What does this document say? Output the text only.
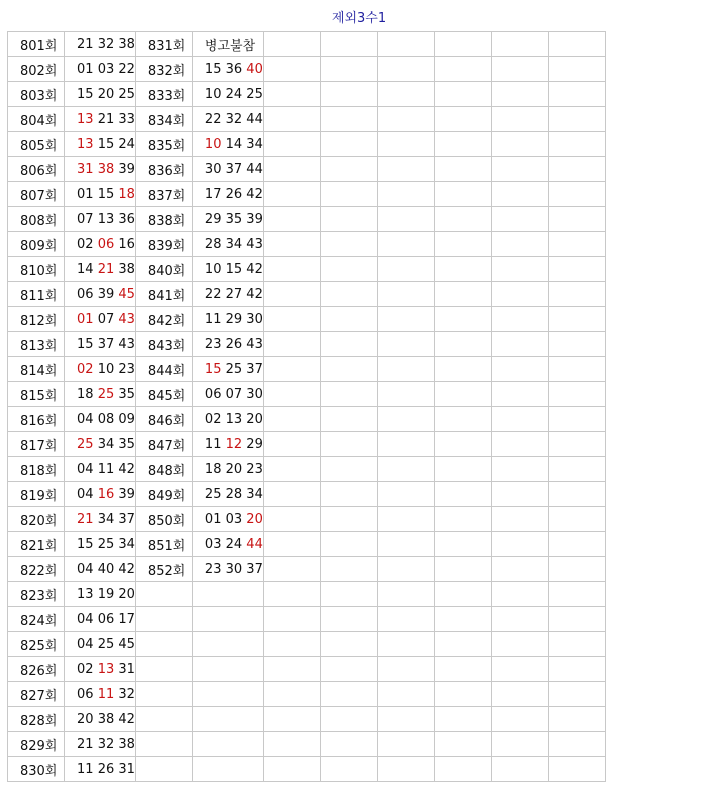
제외3수1
801회	21 32 38	831회	병고불참						
802회	01 03 22	832회	15 36 40						
803회	15 20 25	833회	10 24 25						
804회	13 21 33	834회	22 32 44						
805회	13 15 24	835회	10 14 34						
806회	31 38 39	836회	30 37 44						
807회	01 15 18	837회	17 26 42						
808회	07 13 36	838회	29 35 39						
809회	02 06 16	839회	28 34 43						
810회	14 21 38	840회	10 15 42						
811회	06 39 45	841회	22 27 42						
812회	01 07 43	842회	11 29 30						
813회	15 37 43	843회	23 26 43						
814회	02 10 23	844회	15 25 37						
815회	18 25 35	845회	06 07 30						
816회	04 08 09	846회	02 13 20						
817회	25 34 35	847회	11 12 29						
818회	04 11 42	848회	18 20 23						
819회	04 16 39	849회	25 28 34						
820회	21 34 37	850회	01 03 20						
821회	15 25 34	851회	03 24 44						
822회	04 40 42	852회	23 30 37						
823회	13 19 20								
824회	04 06 17								
825회	04 25 45								
826회	02 13 31								
827회	06 11 32								
828회	20 38 42								
829회	21 32 38								
830회	11 26 31								
